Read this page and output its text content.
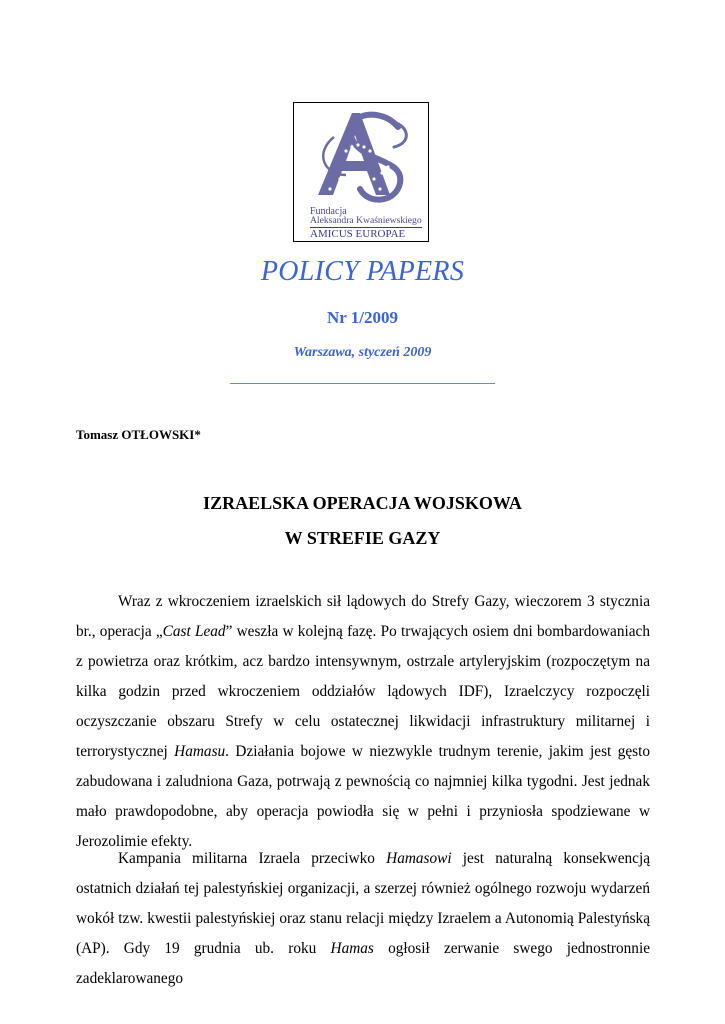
Fundacja
Aleksandra Kwaśniewskiego
AMICUS EUROPAE
POLICY PAPERS
Nr 1/2009
Warszawa, styczeń 2009
Tomasz OTŁOWSKI*
IZRAELSKA OPERACJA WOJSKOWA
W STREFIE GAZY

Wraz z wkroczeniem izraelskich sił lądowych do Strefy Gazy, wieczorem 3 stycznia br., operacja „Cast Lead” weszła w kolejną fazę. Po trwających osiem dni bombardowaniach z powietrza oraz krótkim, acz bardzo intensywnym, ostrzale artyleryjskim (rozpoczętym na kilka godzin przed wkroczeniem oddziałów lądowych IDF), Izraelczycy rozpoczęli oczyszczanie obszaru Strefy w celu ostatecznej likwidacji infrastruktury militarnej i terrorystycznej Hamasu. Działania bojowe w niezwykle trudnym terenie, jakim jest gęsto zabudowana i zaludniona Gaza, potrwają z pewnością co najmniej kilka tygodni. Jest jednak mało prawdopodobne, aby operacja powiodła się w pełni i przyniosła spodziewane w Jerozolimie efekty.

Kampania militarna Izraela przeciwko Hamasowi jest naturalną konsekwencją ostatnich działań tej palestyńskiej organizacji, a szerzej również ogólnego rozwoju wydarzeń wokół tzw. kwestii palestyńskiej oraz stanu relacji między Izraelem a Autonomią Palestyńską (AP). Gdy 19 grudnia ub. roku Hamas ogłosił zerwanie swego jednostronnie zadeklarowanego
